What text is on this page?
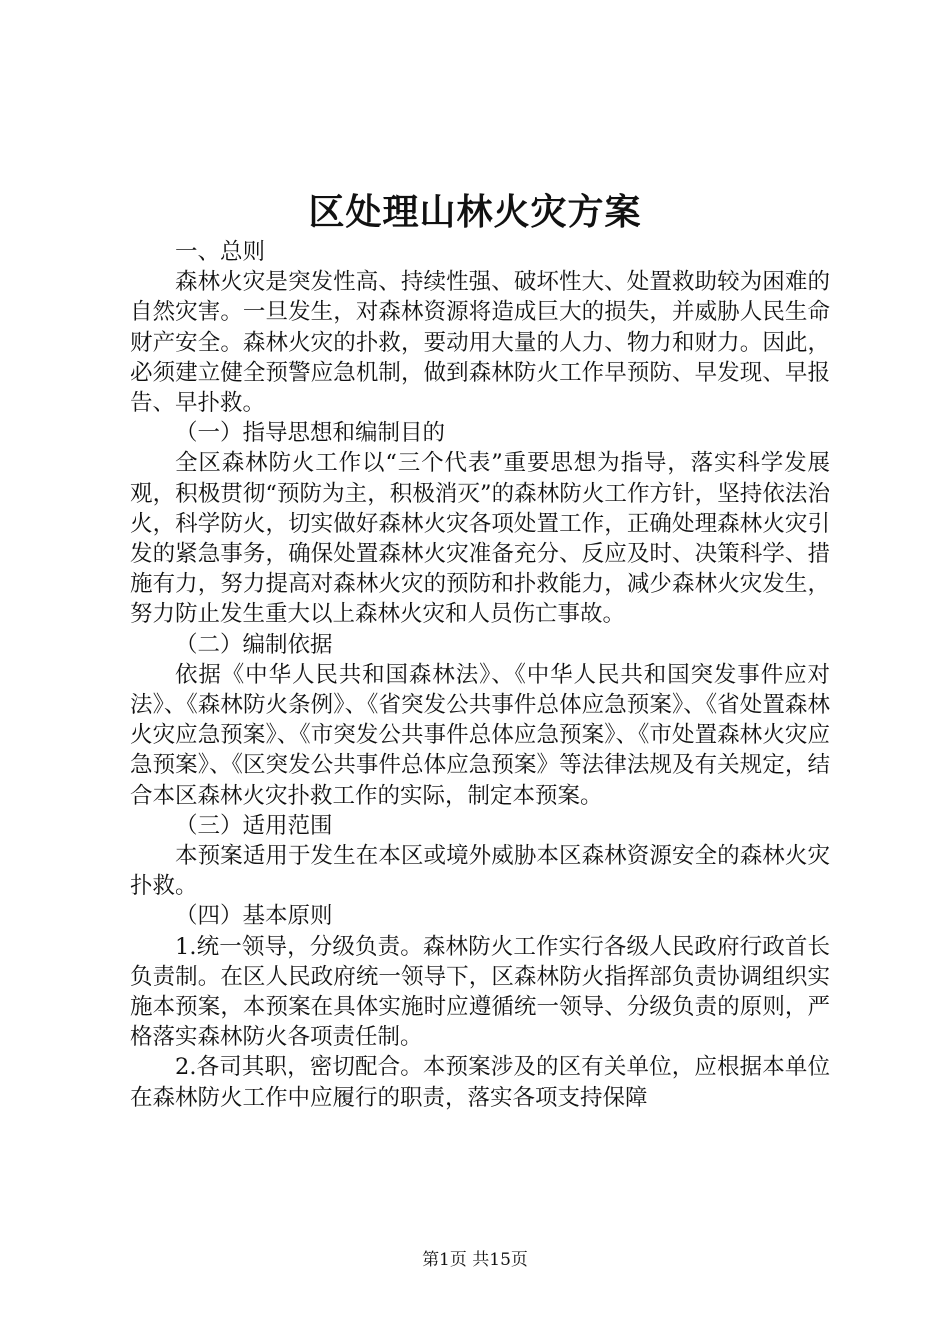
区处理山林火灾方案

一、总则

森林火灾是突发性高、持续性强、破坏性大、处置救助较为困难的自然灾害。一旦发生，对森林资源将造成巨大的损失，并威胁人民生命财产安全。森林火灾的扑救，要动用大量的人力、物力和财力。因此，必须建立健全预警应急机制，做到森林防火工作早预防、早发现、早报告、早扑救。

（一）指导思想和编制目的

全区森林防火工作以“三个代表”重要思想为指导，落实科学发展观，积极贯彻“预防为主，积极消灭”的森林防火工作方针，坚持依法治火，科学防火，切实做好森林火灾各项处置工作，正确处理森林火灾引发的紧急事务，确保处置森林火灾准备充分、反应及时、决策科学、措施有力，努力提高对森林火灾的预防和扑救能力，减少森林火灾发生，努力防止发生重大以上森林火灾和人员伤亡事故。

（二）编制依据

依据《中华人民共和国森林法》、《中华人民共和国突发事件应对法》、《森林防火条例》、《省突发公共事件总体应急预案》、《省处置森林火灾应急预案》、《市突发公共事件总体应急预案》、《市处置森林火灾应急预案》、《区突发公共事件总体应急预案》等法律法规及有关规定，结合本区森林火灾扑救工作的实际，制定本预案。

（三）适用范围

本预案适用于发生在本区或境外威胁本区森林资源安全的森林火灾扑救。

（四）基本原则

1.统一领导，分级负责。森林防火工作实行各级人民政府行政首长负责制。在区人民政府统一领导下，区森林防火指挥部负责协调组织实施本预案，本预案在具体实施时应遵循统一领导、分级负责的原则，严格落实森林防火各项责任制。

2.各司其职，密切配合。本预案涉及的区有关单位，应根据本单位在森林防火工作中应履行的职责，落实各项支持保障

第1页 共15页
